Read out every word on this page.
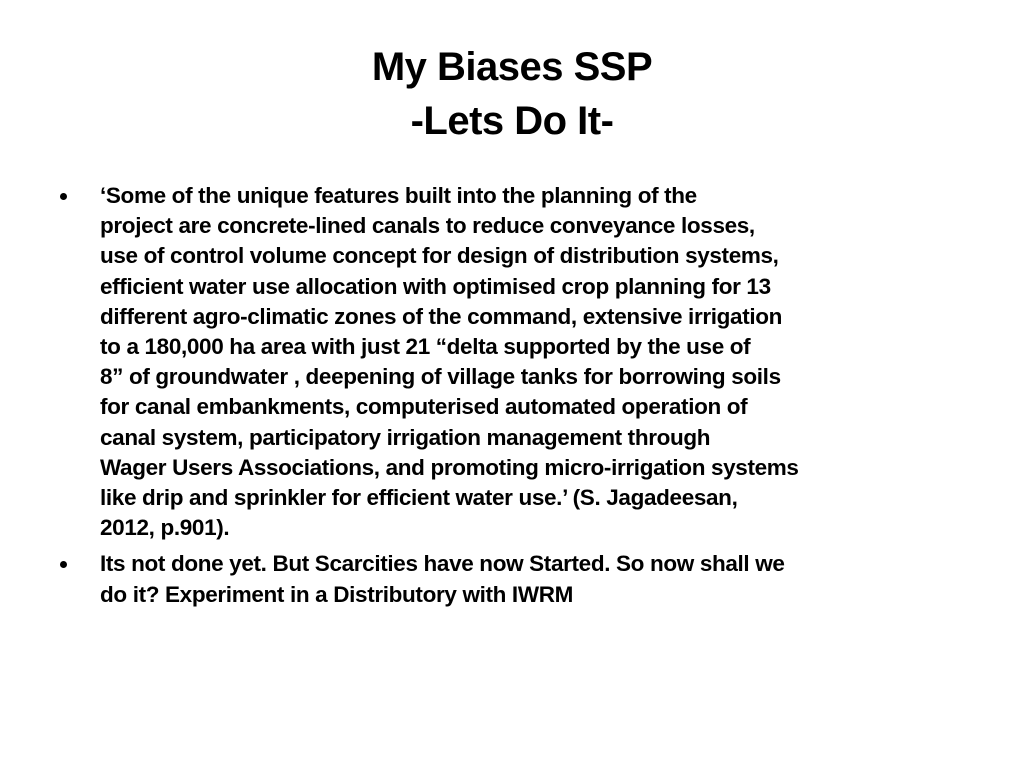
My Biases SSP
-Lets Do It-
‘Some of the unique features built into the planning of the
project are concrete-lined canals to reduce conveyance losses,
use of control volume concept for design of distribution systems,
efficient water use allocation with optimised crop planning for 13
different agro-climatic zones of the command, extensive irrigation
to a 180,000 ha area with just 21 “delta supported by the use of
8” of groundwater , deepening of village tanks for borrowing soils
for canal embankments, computerised automated operation of
canal system, participatory irrigation management through
Wager Users Associations, and promoting micro-irrigation systems
like drip and sprinkler for efficient water use.’ (S. Jagadeesan,
2012, p.901).
Its not done yet. But Scarcities have now Started. So now shall we
do it? Experiment in a Distributory with IWRM
